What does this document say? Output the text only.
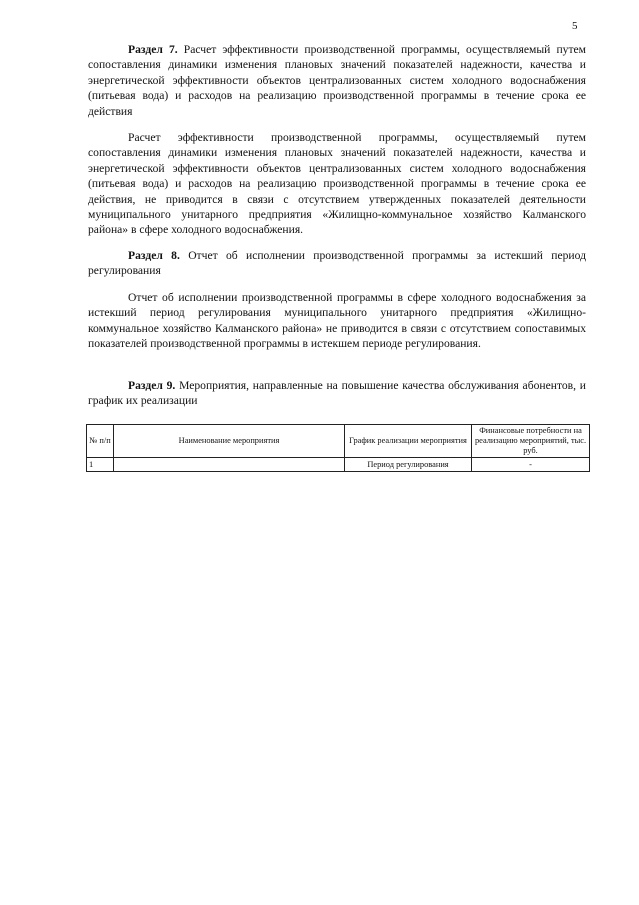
5
Раздел 7. Расчет эффективности производственной программы, осуществляемый путем сопоставления динамики изменения плановых значений показателей надежности, качества и энергетической эффективности объектов централизованных систем холодного водоснабжения (питьевая вода) и расходов на реализацию производственной программы в течение срока ее действия
Расчет эффективности производственной программы, осуществляемый путем сопоставления динамики изменения плановых значений показателей надежности, качества и энергетической эффективности объектов централизованных систем холодного водоснабжения (питьевая вода) и расходов на реализацию производственной программы в течение срока ее действия, не приводится в связи с отсутствием утвержденных показателей деятельности муниципального унитарного предприятия «Жилищно-коммунальное хозяйство Калманского района» в сфере холодного водоснабжения.
Раздел 8. Отчет об исполнении производственной программы за истекший период регулирования
Отчет об исполнении производственной программы в сфере холодного водоснабжения за истекший период регулирования муниципального унитарного предприятия «Жилищно-коммунальное хозяйство Калманского района» не приводится в связи с отсутствием сопоставимых показателей производственной программы в истекшем периоде регулирования.
Раздел 9. Мероприятия, направленные на повышение качества обслуживания абонентов, и график их реализации
№ п/п	Наименование мероприятия	График реализации мероприятия	Финансовые потребности на реализацию мероприятий, тыс. руб.
1		Период регулирования	-
